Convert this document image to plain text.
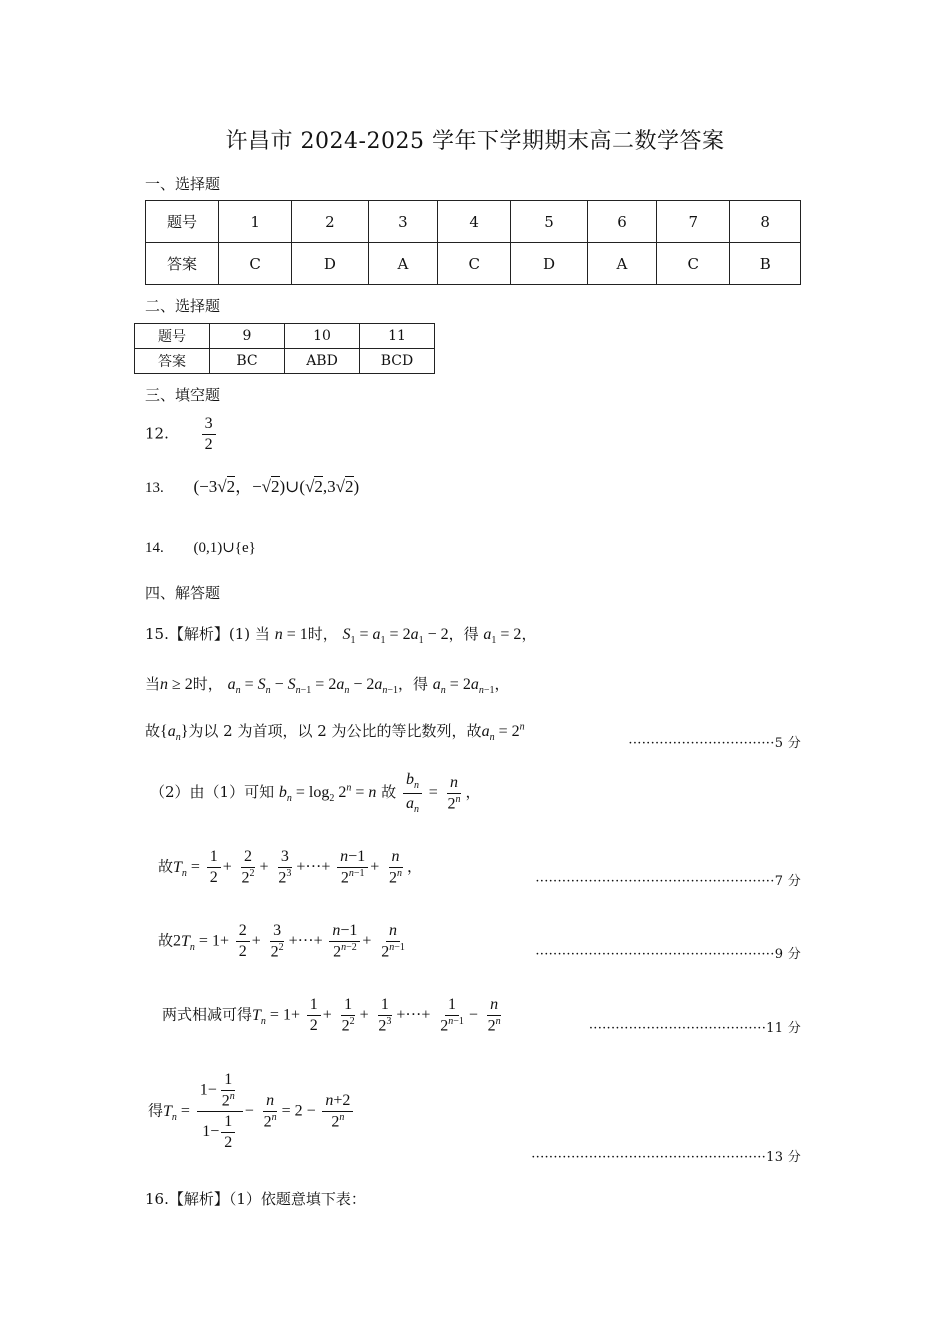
许昌市 2024-2025 学年下学期期末高二数学答案
一、选择题
题号	1	2	3	4	5	6	7	8
答案	C	D	A	C	D	A	C	B
二、选择题
题号	9	10	11
答案	BC	ABD	BCD
三、填空题
12. $\frac{3}{2}$
13. (−3√2，−√2)∪(√2,3√2)
14. (0,1)∪{e}
四、解答题
15.【解析】(1) 当 n = 1时， $S_1 = a_1 = 2a_1 - 2$，得 $a_1 = 2$，
当n ≥ 2时， $a_n = S_n - S_{n-1} = 2a_n - 2a_{n-1}$，得 $a_n = 2a_{n-1}$，
故$\{a_n\}$为以 2 为首项，以 2 为公比的等比数列，故$a_n = 2^n$
·································5 分
（2）由（1）可知 $b_n = \log_2 2^n = n$ 故 $\frac{b_n}{a_n} = \frac{n}{2^n}$ ，
故$T_n = \frac{1}{2} + \frac{2}{2^2} + \frac{3}{2^3}$ +···+ $\frac{n-1}{2^{n-1}} + \frac{n}{2^n}$ ，
······················································7 分
故$2T_n = 1+ \frac{2}{2} + \frac{3}{2^2}$ +···+ $\frac{n-1}{2^{n-2}} + \frac{n}{2^{n-1}}$	······················································9 分
两式相减可得$T_n = 1+ \frac{1}{2} + \frac{1}{2^2} + \frac{1}{2^3}$ +···+ $\frac{1}{2^{n-1}} - \frac{n}{2^n}$	········································11 分
得$T_n = \frac{1- \frac{1}{2^n}}{1- \frac{1}{2}} - \frac{n}{2^n} = 2 - \frac{n+2}{2^n}$
·····················································13 分
16.【解析】（1）依题意填下表：
